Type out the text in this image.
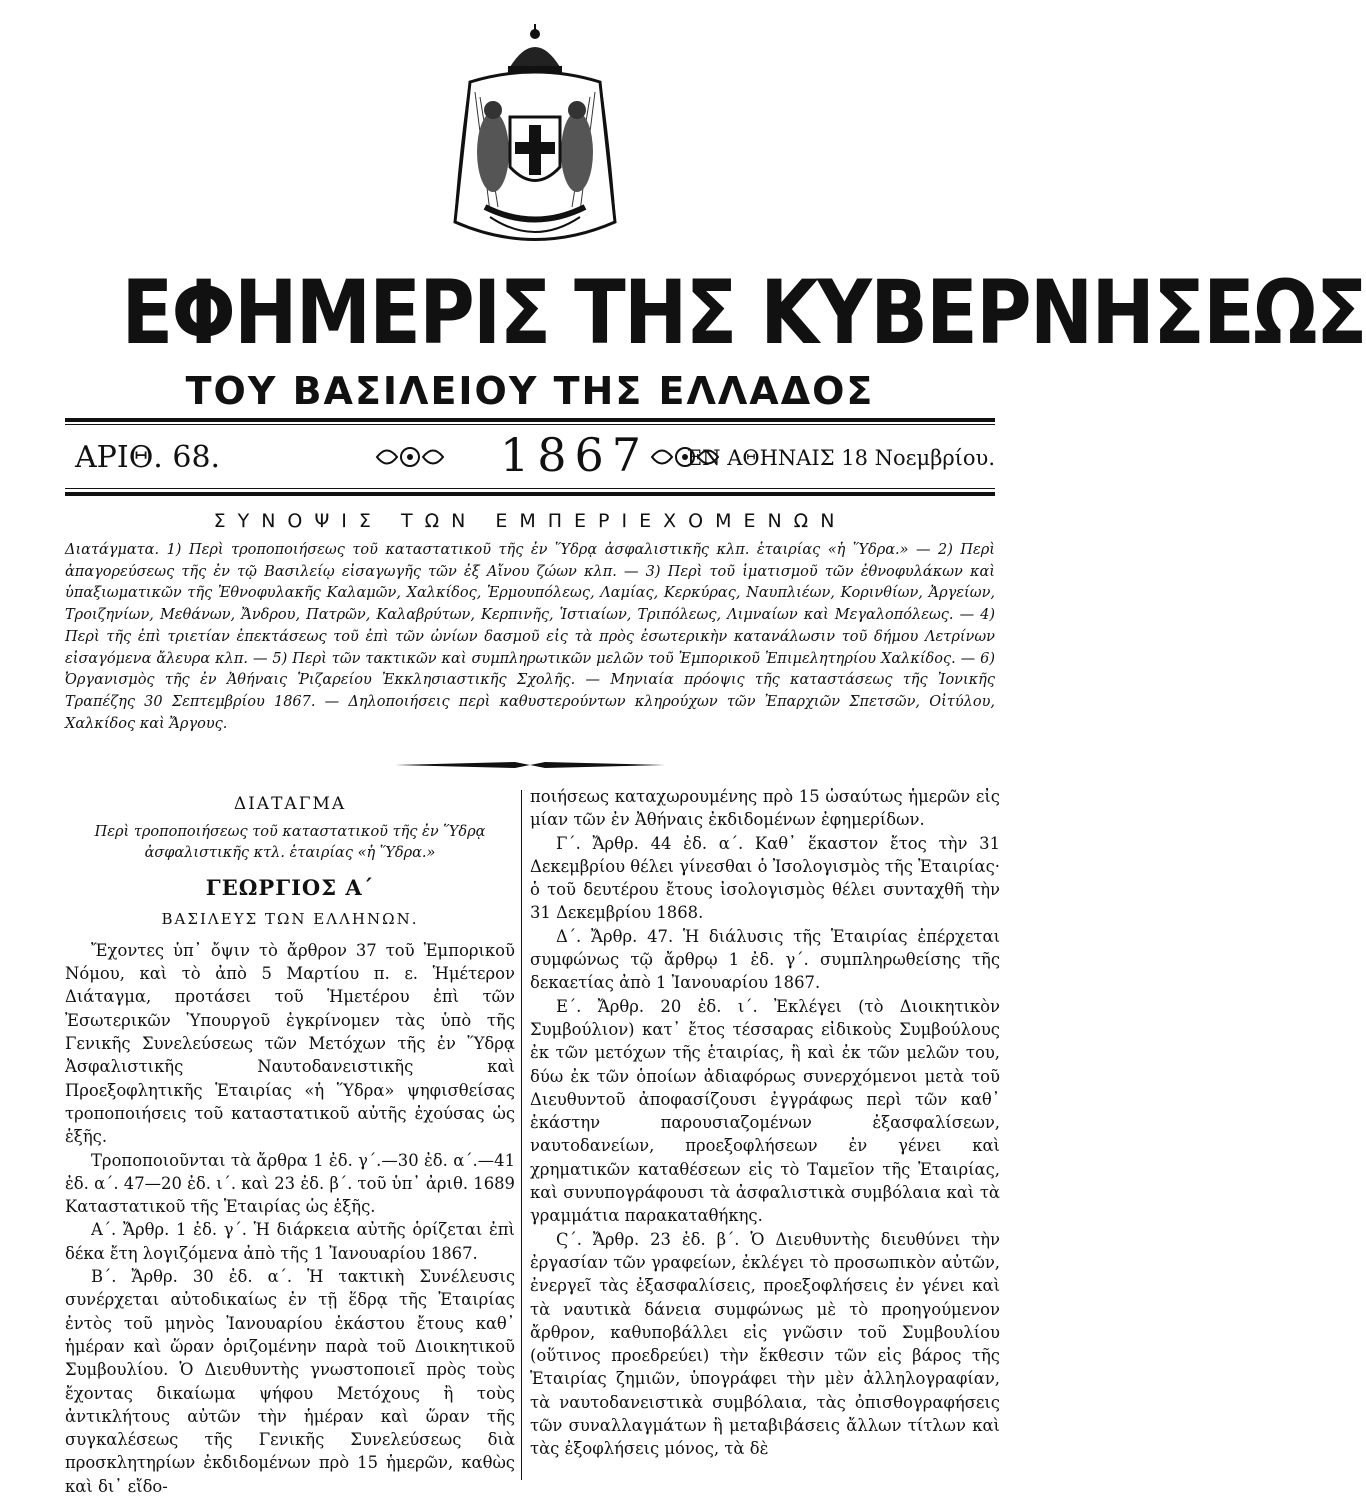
ΕΦΗΜΕΡΙΣ ΤΗΣ ΚΥΒΕΡΝΗΣΕΩΣ
ΤΟΥ ΒΑΣΙΛΕΙΟΥ ΤΗΣ ΕΛΛΑΔΟΣ
ΑΡΙΘ. 68.	1867 ΕΝ ΑΘΗΝΑΙΣ 18 Νοεμβρίου.
ΣΥΝΟΨΙΣ ΤΩΝ ΕΜΠΕΡΙΕΧΟΜΕΝΩΝ
Διατάγματα. 1) Περὶ τροποποιήσεως τοῦ καταστατικοῦ τῆς ἐν Ὕδρᾳ ἀσφαλιστικῆς κλπ. ἑταιρίας «ἡ Ὕδρα.» — 2) Περὶ ἀπαγορεύσεως τῆς ἐν τῷ Βασιλείῳ εἰσαγωγῆς τῶν ἐξ Αἴνου ζώων κλπ. — 3) Περὶ τοῦ ἱματισμοῦ τῶν ἐθνοφυλάκων καὶ ὑπαξιωματικῶν τῆς Ἐθνοφυλακῆς Καλαμῶν, Χαλκίδος, Ἑρμουπόλεως, Λαμίας, Κερκύρας, Ναυπλιέων, Κορινθίων, Ἀργείων, Τροιζηνίων, Μεθάνων, Ἄνδρου, Πατρῶν, Καλαβρύτων, Κερπινῆς, Ἱστιαίων, Τριπόλεως, Λιμναίων καὶ Μεγαλοπόλεως. — 4) Περὶ τῆς ἐπὶ τριετίαν ἐπεκτάσεως τοῦ ἐπὶ τῶν ὠνίων δασμοῦ εἰς τὰ πρὸς ἐσωτερικὴν κατανάλωσιν τοῦ δήμου Λετρίνων εἰσαγόμενα ἄλευρα κλπ. — 5) Περὶ τῶν τακτικῶν καὶ συμπληρωτικῶν μελῶν τοῦ Ἐμπορικοῦ Ἐπιμελητηρίου Χαλκίδος. — 6) Ὀργανισμὸς τῆς ἐν Ἀθήναις Ῥιζαρείου Ἐκκλησιαστικῆς Σχολῆς. — Μηνιαία πρόοψις τῆς καταστάσεως τῆς Ἰονικῆς Τραπέζης 30 Σεπτεμβρίου 1867. — Δηλοποιήσεις περὶ καθυστερούντων κληρούχων τῶν Ἐπαρχιῶν Σπετσῶν, Οἰτύλου, Χαλκίδος καὶ Ἄργους.
ΔΙΑΤΑΓΜΑ
Περὶ τροποποιήσεως τοῦ καταστατικοῦ τῆς ἐν Ὕδρᾳ ἀσφαλιστικῆς κτλ. ἑταιρίας «ἡ Ὕδρα.»
ΓΕΩΡΓΙΟΣ Α΄
ΒΑΣΙΛΕΥΣ ΤΩΝ ΕΛΛΗΝΩΝ.

Ἔχοντες ὑπ᾽ ὄψιν τὸ ἄρθρον 37 τοῦ Ἐμπορικοῦ Νόμου, καὶ τὸ ἀπὸ 5 Μαρτίου π. ε. Ἡμέτερον Διάταγμα, προτάσει τοῦ Ἡμετέρου ἐπὶ τῶν Ἐσωτερικῶν Ὑπουργοῦ ἐγκρίνομεν τὰς ὑπὸ τῆς Γενικῆς Συνελεύσεως τῶν Μετόχων τῆς ἐν Ὕδρᾳ Ἀσφαλιστικῆς Ναυτοδανειστικῆς καὶ Προεξοφλητικῆς Ἑταιρίας «ἡ Ὕδρα» ψηφισθείσας τροποποιήσεις τοῦ καταστατικοῦ αὐτῆς ἐχούσας ὡς ἑξῆς.

Τροποποιοῦνται τὰ ἄρθρα 1 ἐδ. γ΄.—30 ἐδ. α΄.—41 ἐδ. α΄. 47—20 ἐδ. ι΄. καὶ 23 ἐδ. β΄. τοῦ ὑπ᾽ ἀριθ. 1689 Καταστατικοῦ τῆς Ἑταιρίας ὡς ἑξῆς.

Α΄. Ἄρθρ. 1 ἐδ. γ΄. Ἡ διάρκεια αὐτῆς ὁρίζεται ἐπὶ δέκα ἔτη λογιζόμενα ἀπὸ τῆς 1 Ἰανουαρίου 1867.

Β΄. Ἄρθρ. 30 ἐδ. α΄. Ἡ τακτικὴ Συνέλευσις συνέρχεται αὐτοδικαίως ἐν τῇ ἕδρᾳ τῆς Ἑταιρίας ἐντὸς τοῦ μηνὸς Ἰανουαρίου ἑκάστου ἔτους καθ᾽ ἡμέραν καὶ ὥραν ὁριζομένην παρὰ τοῦ Διοικητικοῦ Συμβουλίου. Ὁ Διευθυντὴς γνωστοποιεῖ πρὸς τοὺς ἔχοντας δικαίωμα ψήφου Μετόχους ἢ τοὺς ἀντικλήτους αὐτῶν τὴν ἡμέραν καὶ ὥραν τῆς συγκαλέσεως τῆς Γενικῆς Συνελεύσεως διὰ προσκλητηρίων ἐκδιδομένων πρὸ 15 ἡμερῶν, καθὼς καὶ δι᾽ εἴδο-

ποιήσεως καταχωρουμένης πρὸ 15 ὡσαύτως ἡμερῶν εἰς μίαν τῶν ἐν Ἀθήναις ἐκδιδομένων ἐφημερίδων.

Γ΄. Ἄρθρ. 44 ἐδ. α΄. Καθ᾽ ἕκαστον ἔτος τὴν 31 Δεκεμβρίου θέλει γίνεσθαι ὁ Ἰσολογισμὸς τῆς Ἑταιρίας· ὁ τοῦ δευτέρου ἔτους ἰσολογισμὸς θέλει συνταχθῆ τὴν 31 Δεκεμβρίου 1868.

Δ΄. Ἄρθρ. 47. Ἡ διάλυσις τῆς Ἑταιρίας ἐπέρχεται συμφώνως τῷ ἄρθρῳ 1 ἐδ. γ΄. συμπληρωθείσης τῆς δεκαετίας ἀπὸ 1 Ἰανουαρίου 1867.

Ε΄. Ἄρθρ. 20 ἐδ. ι΄. Ἐκλέγει (τὸ Διοικητικὸν Συμβούλιον) κατ᾽ ἔτος τέσσαρας εἰδικοὺς Συμβούλους ἐκ τῶν μετόχων τῆς ἑταιρίας, ἢ καὶ ἐκ τῶν μελῶν του, δύω ἐκ τῶν ὁποίων ἀδιαφόρως συνερχόμενοι μετὰ τοῦ Διευθυντοῦ ἀποφασίζουσι ἐγγράφως περὶ τῶν καθ᾽ ἑκάστην παρουσιαζομένων ἐξασφαλίσεων, ναυτοδανείων, προεξοφλήσεων ἐν γένει καὶ χρηματικῶν καταθέσεων εἰς τὸ Ταμεῖον τῆς Ἑταιρίας, καὶ συνυπογράφουσι τὰ ἀσφαλιστικὰ συμβόλαια καὶ τὰ γραμμάτια παρακαταθήκης.

Ϛ΄. Ἄρθρ. 23 ἐδ. β΄. Ὁ Διευθυντὴς διευθύνει τὴν ἐργασίαν τῶν γραφείων, ἐκλέγει τὸ προσωπικὸν αὐτῶν, ἐνεργεῖ τὰς ἐξασφαλίσεις, προεξοφλήσεις ἐν γένει καὶ τὰ ναυτικὰ δάνεια συμφώνως μὲ τὸ προηγούμενον ἄρθρον, καθυποβάλλει εἰς γνῶσιν τοῦ Συμβουλίου (οὕτινος προεδρεύει) τὴν ἔκθεσιν τῶν εἰς βάρος τῆς Ἑταιρίας ζημιῶν, ὑπογράφει τὴν μὲν ἀλληλογραφίαν, τὰ ναυτοδανειστικὰ συμβόλαια, τὰς ὀπισθογραφήσεις τῶν συναλλαγμάτων ἢ μεταβιβάσεις ἄλλων τίτλων καὶ τὰς ἐξοφλήσεις μόνος, τὰ δὲ
